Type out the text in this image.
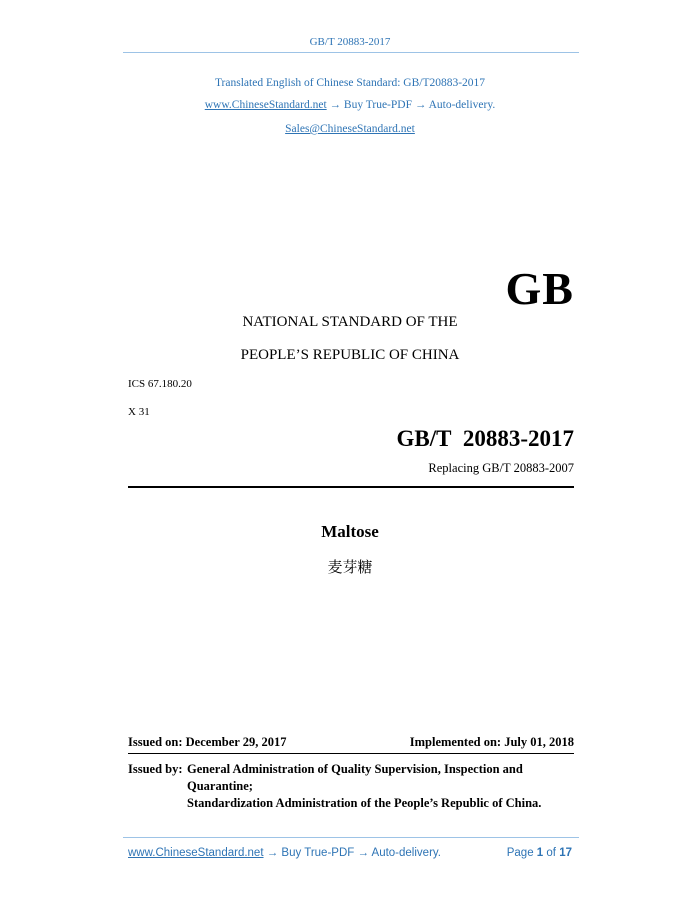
GB/T 20883-2017
Translated English of Chinese Standard: GB/T20883-2017
www.ChineseStandard.net → Buy True-PDF → Auto-delivery.
Sales@ChineseStandard.net
GB
NATIONAL STANDARD OF THE
PEOPLE’S REPUBLIC OF CHINA
ICS 67.180.20
X 31
GB/T 20883-2017
Replacing GB/T 20883-2007
Maltose
麦芽糖
Issued on: December 29, 2017	Implemented on: July 01, 2018
Issued by: General Administration of Quality Supervision, Inspection and
Quarantine;
Standardization Administration of the People’s Republic of China.
www.ChineseStandard.net → Buy True-PDF → Auto-delivery.	Page 1 of 17
